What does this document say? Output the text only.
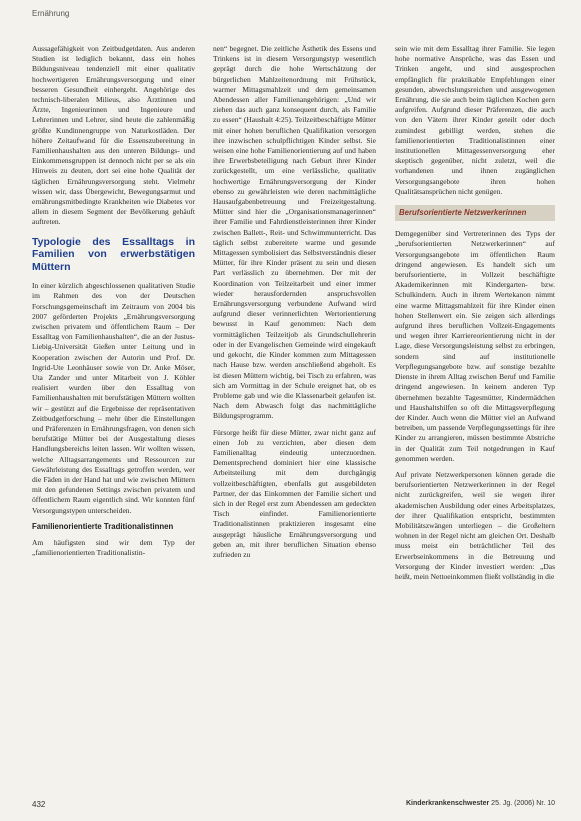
Ernährung

Aussagefähigkeit von Zeitbudgetdaten. Aus anderen Studien ist lediglich bekannt, dass ein hohes Bildungsniveau tendenziell mit einer qualitativ hochwertigeren Ernährungsversorgung und einer besseren Gesundheit einhergeht. Angehörige des technisch-liberalen Milieus, also Ärztinnen und Ärzte, Ingenieurinnen und Ingenieure und Lehrerinnen und Lehrer, sind heute die zahlenmäßig größte Kundinnengruppe von Naturkostläden. Der höhere Zeitaufwand für die Essenszubereitung in Familienhaushalten aus den unteren Bildungs- und Einkommensgruppen ist dennoch nicht per se als ein Hinweis zu deuten, dort sei eine hohe Qualität der täglichen Ernährungsversorgung steht. Vielmehr wissen wir, dass Übergewicht, Bewegungsarmut und ernährungsmitbedingte Krankheiten wie Diabetes vor allem in diesem Segment der Bevölkerung gehäuft auftreten.

Typologie des Essalltags in Familien von erwerbstätigen Müttern

In einer kürzlich abgeschlossenen qualitativen Studie im Rahmen des von der Deutschen Forschungsgemeinschaft im Zeitraum von 2004 bis 2007 geförderten Projekts „Ernährungsversorgung zwischen privatem und öffentlichem Raum – Der Essalltag von Familienhaushalten“, die an der Justus-Liebig-Universität Gießen unter Leitung und in Kooperation zwischen der Autorin und Prof. Dr. Ingrid-Ute Leonhäuser sowie von Dr. Anke Möser, Uta Zander und unter Mitarbeit von J. Köhler realisiert wurden über den Essalltag von Familienhaushalten mit berufstätigen Müttern wollten wir – gestützt auf die Ergebnisse der repräsentativen Zeitbudgetforschung – mehr über die Einstellungen und Präferenzen in Ernährungsfragen, von denen sich berufstätige Mütter bei der Ausgestaltung dieses Handlungsbereichs leiten lassen. Wir wollten wissen, welche Alltagsarrangements und Ressourcen zur Gewährleistung des Essalltags getroffen werden, wer die Fäden in der Hand hat und wie zwischen Müttern mit den gefundenen Settings zwischen privatem und öffentlichem Raum eigentlich sind. Wir konnten fünf Versorgungstypen unterscheiden.

Familienorientierte Traditionalistinnen

Am häufigsten sind wir dem Typ der „familienorientierten Traditionalistin-

nen“ begegnet. Die zeitliche Ästhetik des Essens und Trinkens ist in diesem Versorgungstyp wesentlich geprägt durch die hohe Wertschätzung der bürgerlichen Mahlzeitenordnung mit Frühstück, warmer Mittagsmahlzeit und dem gemeinsamen Abendessen aller Familienangehörigen: „Und wir ziehen das auch ganz konsequent durch, als Familie zu essen“ (Haushalt 4:25). Teilzeitbeschäftigte Mütter mit einer hohen beruflichen Qualifikation versorgen ihre inzwischen schulpflichtigen Kinder selbst. Sie weisen eine hohe Familienorientierung auf und haben ihre Erwerbsbeteiligung nach Geburt ihrer Kinder zurückgestellt, um eine verlässliche, qualitativ hochwertige Ernährungsversorgung der Kinder ebenso zu gewährleisten wie deren nachmittägliche Hausaufgabenbetreuung und Freizeitgestaltung. Mütter sind hier die „Organisationsmanagerinnen“ ihrer Familie und Fahrdienstleisterinnen ihrer Kinder zwischen Ballett-, Reit- und Schwimmunterricht. Das täglich selbst zubereitete warme und gesunde Mittagessen symbolisiert das Selbstverständnis dieser Mütter, für ihre Kinder präsent zu sein und diesen Part verlässlich zu übernehmen. Der mit der Koordination von Teilzeitarbeit und einer immer wieder herausfordernden anspruchsvollen Ernährungsversorgung verbundene Aufwand wird aufgrund dieser verinnerlichten Wertorientierung bewusst in Kauf genommen: Nach dem vormittäglichen Teilzeitjob als Grundschullehrerin oder in der Evangelischen Gemeinde wird eingekauft und gekocht, die Kinder kommen zum Mittagessen nach Hause bzw. werden anschließend abgeholt. Es ist diesen Müttern wichtig, bei Tisch zu erfahren, was sich am Vormittag in der Schule ereignet hat, ob es Probleme gab und wie die Klassenarbeit gelaufen ist. Nach dem Abwasch folgt das nachmittägliche Bildungsprogramm.

Fürsorge heißt für diese Mütter, zwar nicht ganz auf einen Job zu verzichten, aber diesen dem Familienalltag eindeutig unterzuordnen. Dementsprechend dominiert hier eine klassische Arbeitsteilung mit dem durchgängig vollzeitbeschäftigten, ebenfalls gut ausgebildeten Partner, der das Einkommen der Familie sichert und sich in der Regel erst zum Abendessen am gedeckten Tisch einfindet. Familienorientierte Traditionalistinnen praktizieren insgesamt eine ausgeprägt häusliche Ernährungsversorgung und geben an, mit ihrer beruflichen Situation ebenso zufrieden zu

sein wie mit dem Essalltag ihrer Familie. Sie legen hohe normative Ansprüche, was das Essen und Trinken angeht, und sind ausgesprochen empfänglich für praktikable Empfehlungen einer gesunden, abwechslungsreichen und ausgewogenen Ernährung, die sie auch beim täglichen Kochen gern aufgreifen. Aufgrund dieser Präferenzen, die auch von den Vätern ihrer Kinder geteilt oder doch zumindest gebilligt werden, stehen die familienorientierten Traditionalistinnen einer institutionellen Mittagessenversorgung eher skeptisch gegenüber, nicht zuletzt, weil die vorhandenen und ihnen zugänglichen Versorgungsangebote ihren hohen Qualitätsansprüchen nicht genügen.

Berufsorientierte Netzwerkerinnen

Demgegenüber sind Vertreterinnen des Typs der „berufsorientierten Netzwerkerinnen“ auf Versorgungsangebote im öffentlichen Raum dringend angewiesen. Es handelt sich um berufsorientierte, in Vollzeit beschäftigte Akademikerinnen mit Kindergarten- bzw. Schulkindern. Auch in ihrem Wertekanon nimmt eine warme Mittagsmahlzeit für ihre Kinder einen hohen Stellenwert ein. Sie zeigen sich allerdings aufgrund ihres beruflichen Vollzeit-Engagements und wegen ihrer Karriereorientierung nicht in der Lage, diese Versorgungsleistung selbst zu erbringen, sondern sind auf institutionelle Verpflegungsangebote bzw. auf sonstige bezahlte Dienste in ihrem Alltag zwischen Beruf und Familie dringend angewiesen. In keinem anderen Typ übernehmen bezahlte Tagesmütter, Kindermädchen und Haushaltshilfen so oft die Mittagsverpflegung der Kinder. Auch wenn die Mütter viel an Aufwand betreiben, um passende Verpflegungssettings für ihre Kinder zu arrangieren, müssen bestimmte Abstriche in der Qualität zum Teil notgedrungen in Kauf genommen werden.

Auf private Netzwerkpersonen können gerade die berufsorientierten Netzwerkerinnen in der Regel nicht zurückgreifen, weil sie wegen ihrer akademischen Ausbildung oder eines Arbeitsplatzes, der ihrer Qualifikation entspricht, bestimmten Mobilitätszwängen unterliegen – die Großeltern wohnen in der Regel nicht am gleichen Ort. Deshalb muss meist ein beträchtlicher Teil des Erwerbseinkommens in die Betreuung und Versorgung der Kinder investiert werden: „Das heißt, mein Nettoeinkommen fließt vollständig in die

432	Kinderkrankenschwester 25. Jg. (2006) Nr. 10
